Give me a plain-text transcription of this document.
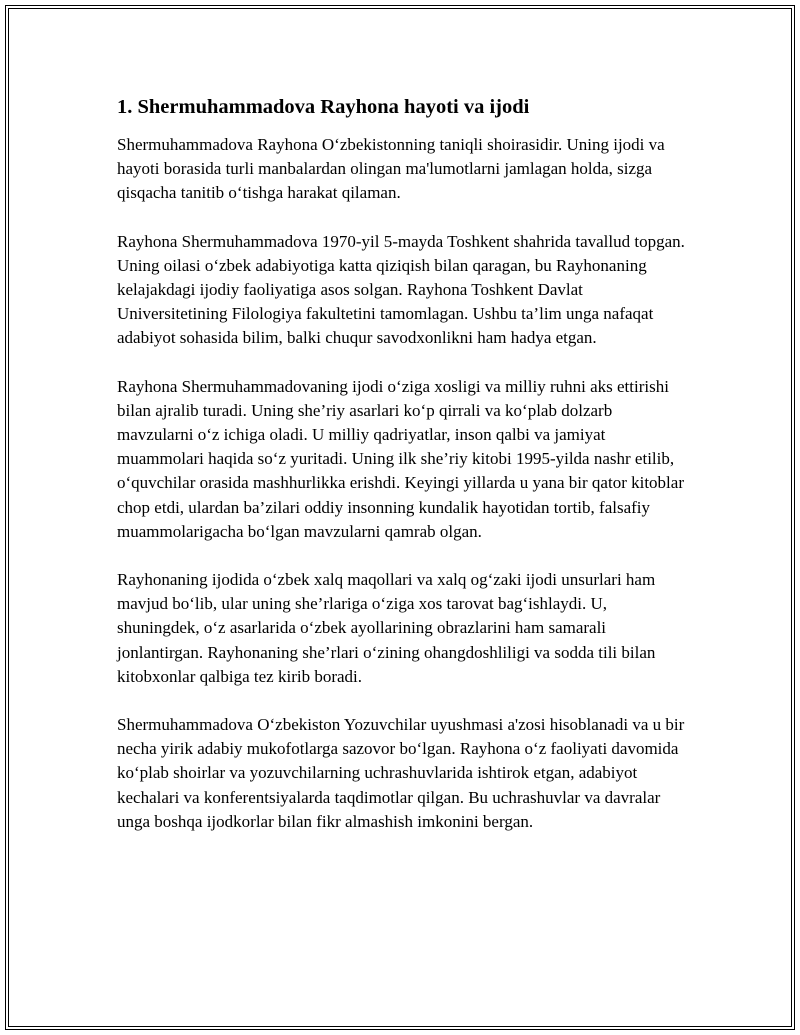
1. Shermuhammadova Rayhona hayoti va ijodi

Shermuhammadova Rayhona O‘zbekistonning taniqli shoirasidir. Uning ijodi va hayoti borasida turli manbalardan olingan ma'lumotlarni jamlagan holda, sizga qisqacha tanitib o‘tishga harakat qilaman.

Rayhona Shermuhammadova 1970-yil 5-mayda Toshkent shahrida tavallud topgan. Uning oilasi o‘zbek adabiyotiga katta qiziqish bilan qaragan, bu Rayhonaning kelajakdagi ijodiy faoliyatiga asos solgan. Rayhona Toshkent Davlat Universitetining Filologiya fakultetini tamomlagan. Ushbu ta’lim unga nafaqat adabiyot sohasida bilim, balki chuqur savodxonlikni ham hadya etgan.

Rayhona Shermuhammadovaning ijodi o‘ziga xosligi va milliy ruhni aks ettirishi bilan ajralib turadi. Uning she’riy asarlari ko‘p qirrali va ko‘plab dolzarb mavzularni o‘z ichiga oladi. U milliy qadriyatlar, inson qalbi va jamiyat muammolari haqida so‘z yuritadi. Uning ilk she’riy kitobi 1995-yilda nashr etilib, o‘quvchilar orasida mashhurlikka erishdi. Keyingi yillarda u yana bir qator kitoblar chop etdi, ulardan ba’zilari oddiy insonning kundalik hayotidan tortib, falsafiy muammolarigacha bo‘lgan mavzularni qamrab olgan.

Rayhonaning ijodida o‘zbek xalq maqollari va xalq og‘zaki ijodi unsurlari ham mavjud bo‘lib, ular uning she’rlariga o‘ziga xos tarovat bag‘ishlaydi. U, shuningdek, o‘z asarlarida o‘zbek ayollarining obrazlarini ham samarali jonlantirgan. Rayhonaning she’rlari o‘zining ohangdoshliligi va sodda tili bilan kitobxonlar qalbiga tez kirib boradi.

Shermuhammadova O‘zbekiston Yozuvchilar uyushmasi a'zosi hisoblanadi va u bir necha yirik adabiy mukofotlarga sazovor bo‘lgan. Rayhona o‘z faoliyati davomida ko‘plab shoirlar va yozuvchilarning uchrashuvlarida ishtirok etgan, adabiyot kechalari va konferentsiyalarda taqdimotlar qilgan. Bu uchrashuvlar va davralar unga boshqa ijodkorlar bilan fikr almashish imkonini bergan.
